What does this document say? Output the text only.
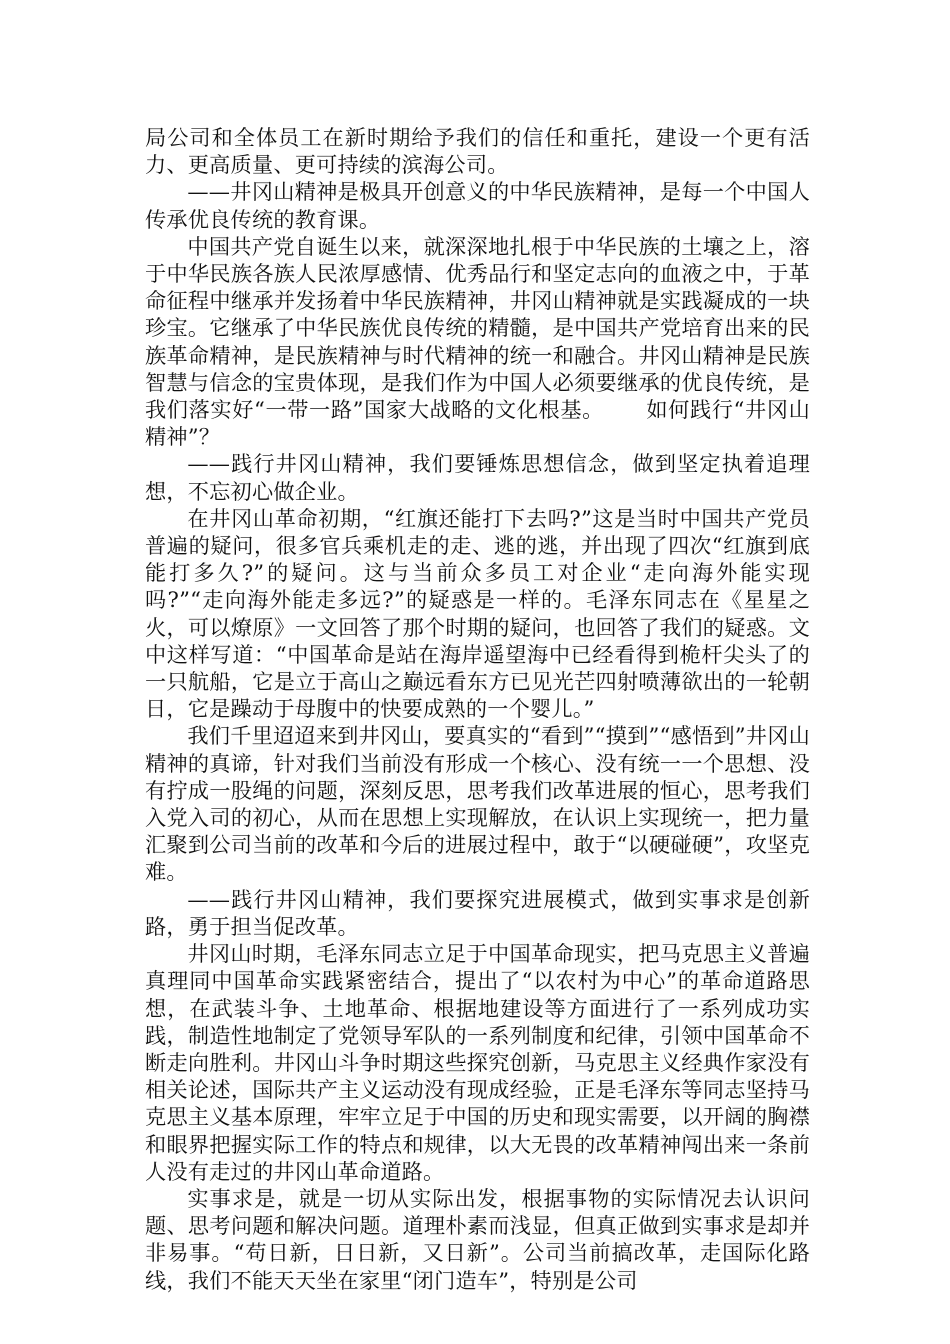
局公司和全体员工在新时期给予我们的信任和重托，建设一个更有活力、更高质量、更可持续的滨海公司。

——井冈山精神是极具开创意义的中华民族精神，是每一个中国人传承优良传统的教育课。

中国共产党自诞生以来，就深深地扎根于中华民族的土壤之上，溶于中华民族各族人民浓厚感情、优秀品行和坚定志向的血液之中，于革命征程中继承并发扬着中华民族精神，井冈山精神就是实践凝成的一块珍宝。它继承了中华民族优良传统的精髓，是中国共产党培育出来的民族革命精神，是民族精神与时代精神的统一和融合。井冈山精神是民族智慧与信念的宝贵体现，是我们作为中国人必须要继承的优良传统，是我们落实好“一带一路”国家大战略的文化根基。 如何践行“井冈山精神”？

——践行井冈山精神，我们要锤炼思想信念，做到坚定执着追理想，不忘初心做企业。

在井冈山革命初期，“红旗还能打下去吗?”这是当时中国共产党员普遍的疑问，很多官兵乘机走的走、逃的逃，并出现了四次“红旗到底能打多久?”的疑问。这与当前众多员工对企业“走向海外能实现吗?”“走向海外能走多远?”的疑惑是一样的。毛泽东同志在《星星之火，可以燎原》一文回答了那个时期的疑问，也回答了我们的疑惑。文中这样写道：“中国革命是站在海岸遥望海中已经看得到桅杆尖头了的一只航船，它是立于高山之巅远看东方已见光芒四射喷薄欲出的一轮朝日，它是躁动于母腹中的快要成熟的一个婴儿。”

我们千里迢迢来到井冈山，要真实的“看到”“摸到”“感悟到”井冈山精神的真谛，针对我们当前没有形成一个核心、没有统一一个思想、没有拧成一股绳的问题，深刻反思，思考我们改革进展的恒心，思考我们入党入司的初心，从而在思想上实现解放，在认识上实现统一，把力量汇聚到公司当前的改革和今后的进展过程中，敢于“以硬碰硬”，攻坚克难。

——践行井冈山精神，我们要探究进展模式，做到实事求是创新路，勇于担当促改革。

井冈山时期，毛泽东同志立足于中国革命现实，把马克思主义普遍真理同中国革命实践紧密结合，提出了“以农村为中心”的革命道路思想，在武装斗争、土地革命、根据地建设等方面进行了一系列成功实践，制造性地制定了党领导军队的一系列制度和纪律，引领中国革命不断走向胜利。井冈山斗争时期这些探究创新，马克思主义经典作家没有相关论述，国际共产主义运动没有现成经验，正是毛泽东等同志坚持马克思主义基本原理，牢牢立足于中国的历史和现实需要，以开阔的胸襟和眼界把握实际工作的特点和规律，以大无畏的改革精神闯出来一条前人没有走过的井冈山革命道路。

实事求是，就是一切从实际出发，根据事物的实际情况去认识问题、思考问题和解决问题。道理朴素而浅显，但真正做到实事求是却并非易事。“苟日新，日日新，又日新”。公司当前搞改革，走国际化路线，我们不能天天坐在家里“闭门造车”，特别是公司
